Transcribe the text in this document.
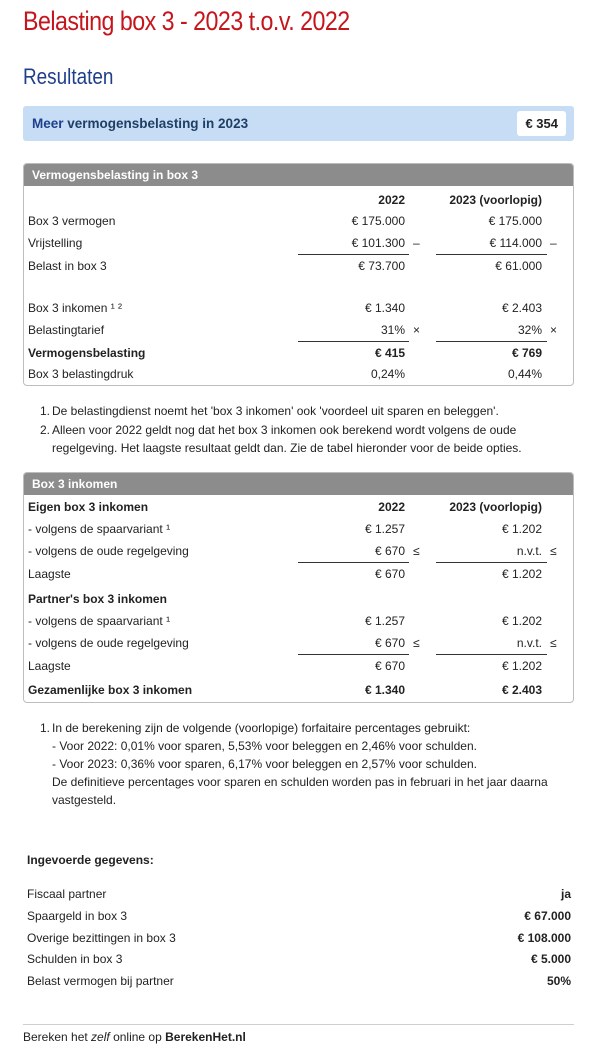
Belasting box 3 - 2023 t.o.v. 2022
Resultaten
Meer vermogensbelasting in 2023	€ 354
Vermogensbelasting in box 3
2022	2023 (voorlopig)
Box 3 vermogen	€ 175.000	€ 175.000
Vrijstelling	€ 101.300 –	€ 114.000 –
Belast in box 3	€ 73.700	€ 61.000
Box 3 inkomen ¹ ²	€ 1.340	€ 2.403
Belastingtarief	31% ×	32% ×
Vermogensbelasting	€ 415	€ 769
Box 3 belastingdruk	0,24%	0,44%
1. De belastingdienst noemt het 'box 3 inkomen' ook 'voordeel uit sparen en beleggen'.
2. Alleen voor 2022 geldt nog dat het box 3 inkomen ook berekend wordt volgens de oude
regelgeving. Het laagste resultaat geldt dan. Zie de tabel hieronder voor de beide opties.
Box 3 inkomen
Eigen box 3 inkomen	2022	2023 (voorlopig)
- volgens de spaarvariant ¹	€ 1.257	€ 1.202
- volgens de oude regelgeving	€ 670 ≤	n.v.t. ≤
Laagste	€ 670	€ 1.202
Partner's box 3 inkomen
- volgens de spaarvariant ¹	€ 1.257	€ 1.202
- volgens de oude regelgeving	€ 670 ≤	n.v.t. ≤
Laagste	€ 670	€ 1.202
Gezamenlijke box 3 inkomen	€ 1.340	€ 2.403
1. In de berekening zijn de volgende (voorlopige) forfaitaire percentages gebruikt:
- Voor 2022: 0,01% voor sparen, 5,53% voor beleggen en 2,46% voor schulden.
- Voor 2023: 0,36% voor sparen, 6,17% voor beleggen en 2,57% voor schulden.
De definitieve percentages voor sparen en schulden worden pas in februari in het jaar daarna
vastgesteld.
Ingevoerde gegevens:
Fiscaal partner	ja
Spaargeld in box 3	€ 67.000
Overige bezittingen in box 3	€ 108.000
Schulden in box 3	€ 5.000
Belast vermogen bij partner	50%
Bereken het zelf online op BerekenHet.nl
